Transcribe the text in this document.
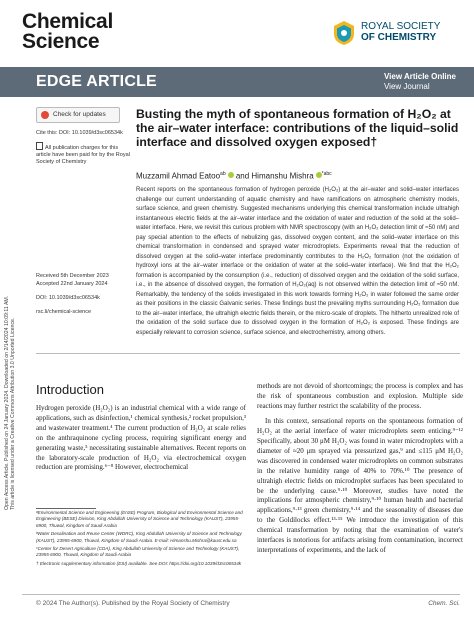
Chemical
Science
ROYAL SOCIETY
OF CHEMISTRY
EDGE ARTICLE	View Article Online
View Journal
Open Access Article. Published on 24 January 2024. Downloaded on 2/14/2024 10:09:11 AM.
This article is licensed under a Creative Commons Attribution 3.0 Unported Licence.
Check for updates
Cite this: DOI: 10.1039/d3sc06534k
All publication charges for this article have been paid for by the Royal Society of Chemistry
Received 5th December 2023
Accepted 22nd January 2024
DOI: 10.1039/d3sc06534k
rsc.li/chemical-science
Busting the myth of spontaneous formation of H₂O₂ at the air–water interface: contributions of the liquid–solid interface and dissolved oxygen exposed†
Muzzamil Ahmad Eatoo$^{ab}$ and Himanshu Mishra $^{*abc}$
Recent reports on the spontaneous formation of hydrogen peroxide (H₂O₂) at the air–water and solid–water interfaces challenge our current understanding of aquatic chemistry and have ramifications on atmospheric chemistry models, surface science, and green chemistry. Suggested mechanisms underlying this chemical transformation include ultrahigh instantaneous electric fields at the air–water interface and the oxidation of water and reduction of the solid at the solid–water interface. Here, we revisit this curious problem with NMR spectroscopy (with an H₂O₂ detection limit of ≈50 nM) and pay special attention to the effects of nebulizing gas, dissolved oxygen content, and the solid–water interface on this chemical transformation in condensed and sprayed water microdroplets. Experiments reveal that the reduction of dissolved oxygen at the solid–water interface predominantly contributes to the H₂O₂ formation (not the oxidation of hydroxyl ions at the air–water interface or the oxidation of water at the solid–water interface). We find that the H₂O₂ formation is accompanied by the consumption (i.e., reduction) of dissolved oxygen and the oxidation of the solid surface, i.e., in the absence of dissolved oxygen, the formation of H₂O₂(aq) is not observed within the detection limit of ≈50 nM. Remarkably, the tendency of the solids investigated in this work towards forming H₂O₂ in water followed the same order as their positions in the classic Galvanic series. These findings bust the prevailing myths surrounding H₂O₂ formation due to the air–water interface, the ultrahigh electric fields therein, or the micro-scale of droplets. The hitherto unrealized role of the oxidation of the solid surface due to dissolved oxygen in the formation of H₂O₂ is exposed. These findings are especially relevant to corrosion science, surface science, and electrochemistry, among others.
Introduction
Hydrogen peroxide (H₂O₂) is an industrial chemical with a wide range of applications, such as disinfection,¹ chemical synthesis,² rocket propulsion,³ and wastewater treatment.⁴ The current production of H₂O₂ at scale relies on the anthraquinone cycling process, requiring significant energy and generating waste,⁵ necessitating sustainable alternatives. Recent reports on the laboratory-scale production of H₂O₂ via electrochemical oxygen reduction are promising.⁶⁻⁸ However, electrochemical

ᵃEnvironmental Science and Engineering (EnSE) Program, Biological and Environmental Science and Engineering (BESE) Division, King Abdullah University of Science and Technology (KAUST), 23955-6900, Thuwal, Kingdom of Saudi Arabia

ᵇWater Desalination and Reuse Center (WDRC), King Abdullah University of Science and Technology (KAUST), 23955-6900, Thuwal, Kingdom of Saudi Arabia. E-mail: Himanshu.Mishra@kaust.edu.sa

ᶜCenter for Desert Agriculture (CDA), King Abdullah University of Science and Technology (KAUST), 23955-6900, Thuwal, Kingdom of Saudi Arabia

† Electronic supplementary information (ESI) available. See DOI: https://doi.org/10.1039/d3sc06534k

methods are not devoid of shortcomings; the process is complex and has the risk of spontaneous combustion and explosion. Multiple side reactions may further restrict the scalability of the process.

In this context, sensational reports on the spontaneous formation of H₂O₂ at the aerial interface of water microdroplets seem enticing.⁹⁻¹² Specifically, about 30 μM H₂O₂ was found in water microdroplets with a diameter of ≈20 μm sprayed via pressurized gas,⁹ and ≤115 μM H₂O₂ was discovered in condensed water microdroplets on common substrates in the relative humidity range of 40% to 70%.¹⁰ The presence of ultrahigh electric fields on microdroplet surfaces has been speculated to be the underlying cause.⁹·¹⁰ Moreover, studies have noted the implications for atmospheric chemistry,⁹·¹⁰ human health and bacterial applications,⁹·¹³ green chemistry,⁹·¹⁴ and the seasonality of diseases due to the Goldilocks effect.¹³·¹⁵ We introduce the investigation of this chemical transformation by noting that the examination of water's interfaces is notorious for artifacts arising from contamination, incorrect interpretations of experiments, and the lack of

© 2024 The Author(s). Published by the Royal Society of Chemistry	Chem. Sci.
